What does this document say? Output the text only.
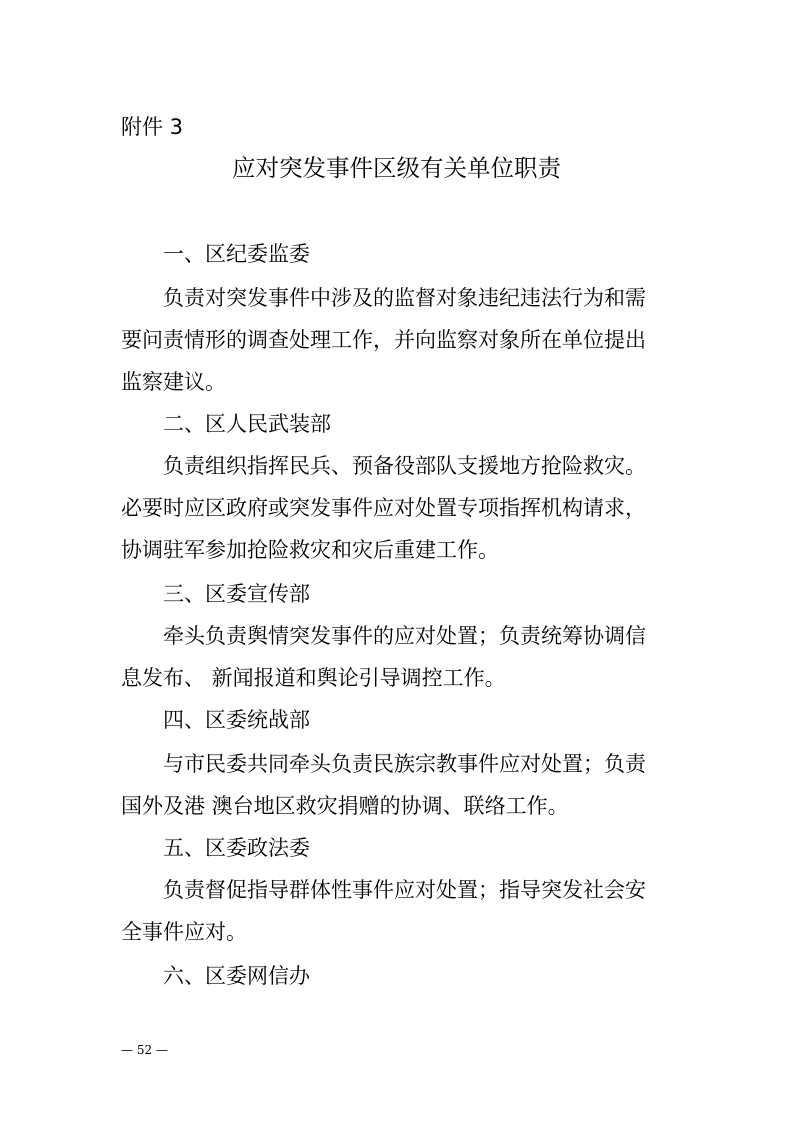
附件 3
应对突发事件区级有关单位职责
一、区纪委监委
负责对突发事件中涉及的监督对象违纪违法行为和需
要问责情形的调查处理工作，并向监察对象所在单位提出
监察建议。
二、区人民武装部
负责组织指挥民兵、预备役部队支援地方抢险救灾。
必要时应区政府或突发事件应对处置专项指挥机构请求，
协调驻军参加抢险救灾和灾后重建工作。
三、区委宣传部
牵头负责舆情突发事件的应对处置；负责统筹协调信
息发布、 新闻报道和舆论引导调控工作。
四、区委统战部
与市民委共同牵头负责民族宗教事件应对处置；负责
国外及港 澳台地区救灾捐赠的协调、联络工作。
五、区委政法委
负责督促指导群体性事件应对处置；指导突发社会安
全事件应对。
六、区委网信办
— 52 —
